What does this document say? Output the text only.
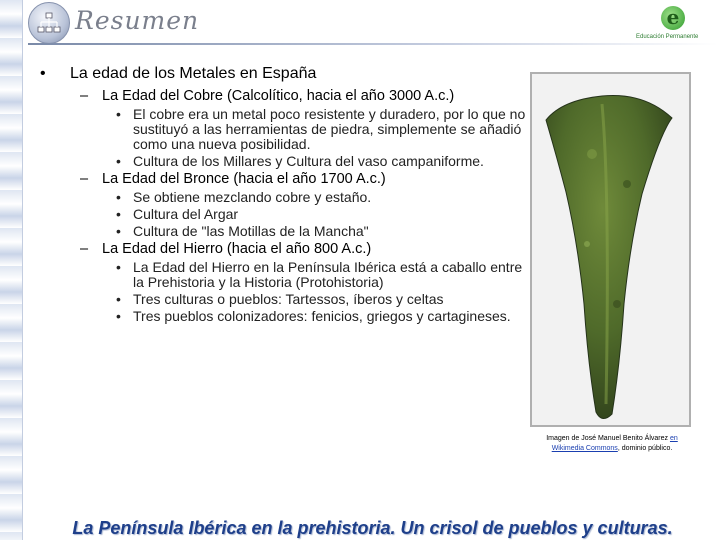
Resumen	e
Educación Permanente
• La edad de los Metales en España
– La Edad del Cobre (Calcolítico, hacia el año 3000 A.c.)
• El cobre era un metal poco resistente y duradero, por lo que no sustituyó a las herramientas de piedra, simplemente se añadió como una nueva posibilidad.
• Cultura de los Millares y Cultura del vaso campaniforme.
– La Edad del Bronce (hacia el año 1700 A.c.)
• Se obtiene mezclando cobre y estaño.
• Cultura del Argar
• Cultura de "las Motillas de la Mancha"
– La Edad del Hierro (hacia el año 800 A.c.)
• La Edad del Hierro en la Península Ibérica está a caballo entre la Prehistoria y la Historia (Protohistoria)
• Tres culturas o pueblos: Tartessos, íberos y celtas
• Tres pueblos colonizadores: fenicios, griegos y cartagineses.
Imagen de José Manuel Benito Álvarez en
Wikimedia Commons, dominio público.
La Península Ibérica en la prehistoria. Un crisol de pueblos y culturas.
